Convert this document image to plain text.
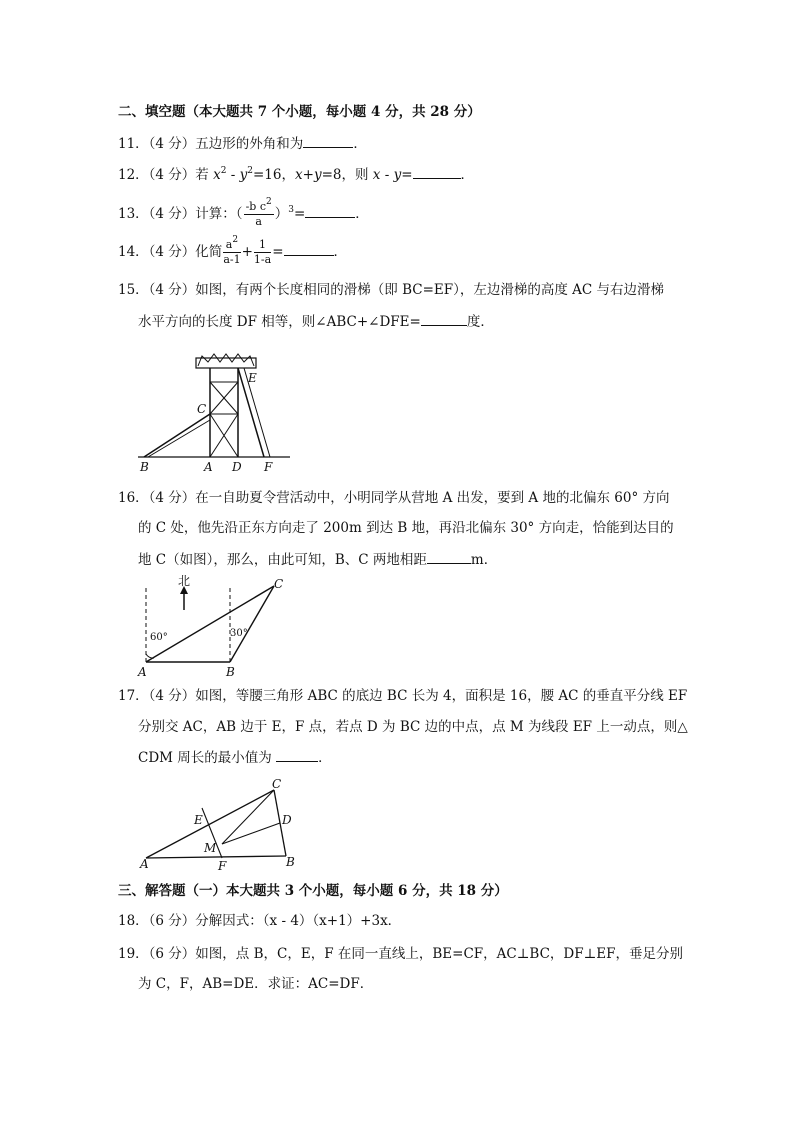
二、填空题（本大题共 7 个小题，每小题 4 分，共 28 分）
11．（4 分）五边形的外角和为	．
12．（4 分）若 $x^2 - y^2=16$，x+y=8，则 x - y=	．
13．（4 分）计算：（ $\frac{-b c^2}{a} )^3=$	．
14．（4 分）化简 $\frac{a^2}{a-1} + \frac{1}{1-a}$ =	．
15．（4 分）如图，有两个长度相同的滑梯（即 BC=EF），左边滑梯的高度 AC 与右边滑梯
水平方向的长度 DF 相等，则∠ABC+∠DFE=	度．
B	A D F
C
E
16．（4 分）在一自助夏令营活动中，小明同学从营地 A 出发，要到 A 地的北偏东 60° 方向
的 C 处，他先沿正东方向走了 200m 到达 B 地，再沿北偏东 30° 方向走，恰能到达目的
地 C（如图），那么，由此可知，B、C 两地相距	m．
北
60°	30°
A	B
C
17．（4 分）如图，等腰三角形 ABC 的底边 BC 长为 4，面积是 16，腰 AC 的垂直平分线 EF
分别交 AC，AB 边于 E，F 点，若点 D 为 BC 边的中点，点 M 为线段 EF 上一动点，则△
CDM 周长的最小值为	．
A	B
C
D
E
F
M
三、解答题（一）本大题共 3 个小题，每小题 6 分，共 18 分）
18．（6 分）分解因式：（x - 4）（x+1）+3x．
19．（6 分）如图，点 B，C，E，F 在同一直线上，BE=CF，AC⊥BC，DF⊥EF，垂足分别
为 C，F，AB=DE．求证：AC=DF．
